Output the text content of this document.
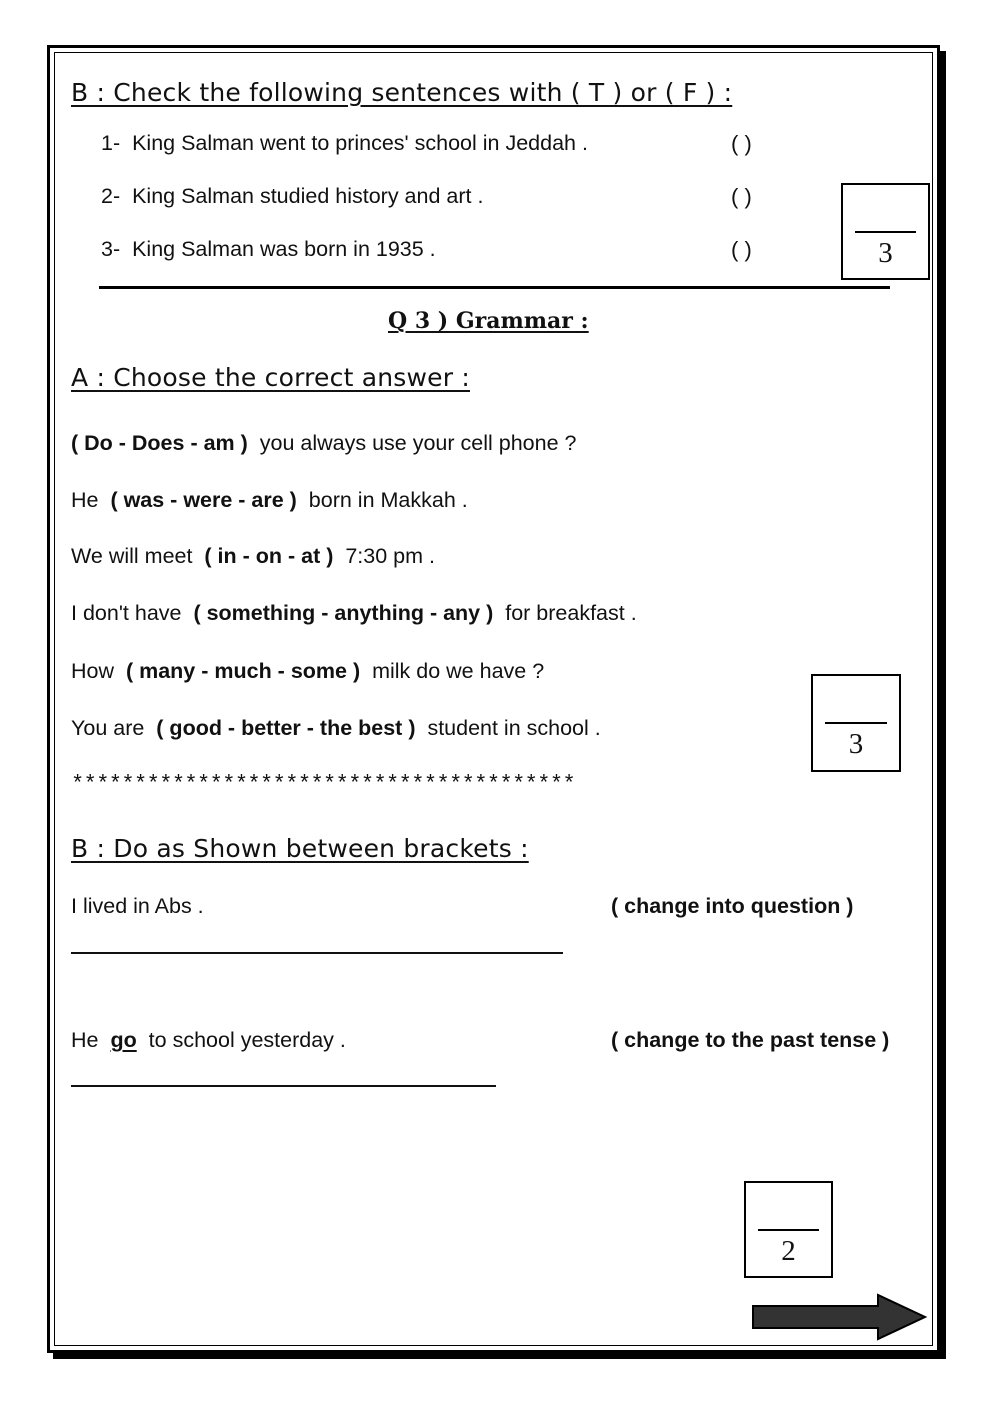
B : Check the following sentences with ( T ) or ( F ) :
1- King Salman went to princes' school in Jeddah .	( )
2- King Salman studied history and art .	( )
3- King Salman was born in 1935 .	( )	3
Q 3 ) Grammar :
A : Choose the correct answer :
( Do - Does - am ) you always use your cell phone ?
He ( was - were - are ) born in Makkah .
We will meet ( in - on - at ) 7:30 pm .
I don't have ( something - anything - any ) for breakfast .
How ( many - much - some ) milk do we have ?
You are ( good - better - the best ) student in school .	3
****************************************
B : Do as Shown between brackets :
I lived in Abs .	( change into question )
He go to school yesterday .	( change to the past tense )
2
